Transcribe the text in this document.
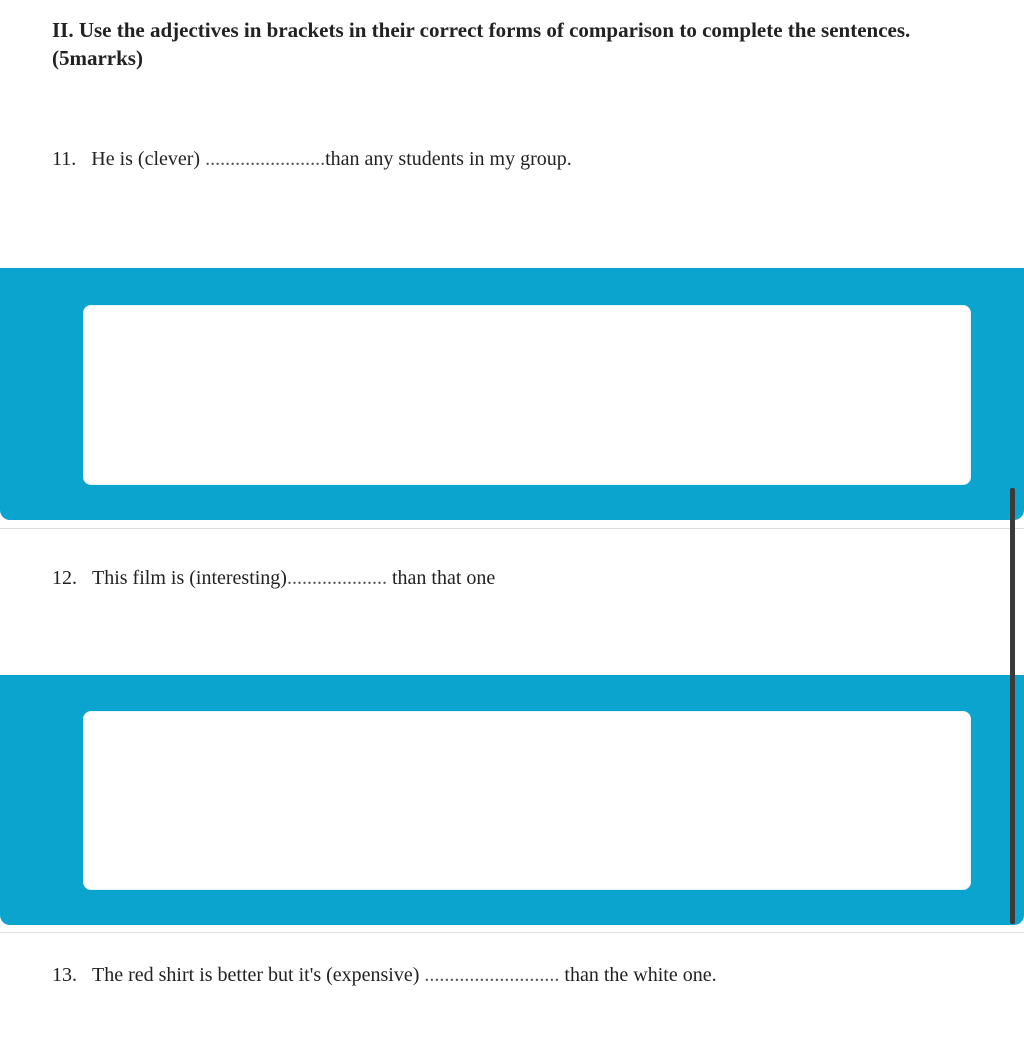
II. Use the adjectives in brackets in their correct forms of comparison to complete the sentences. (5marrks)
11. He is (clever) ........................than any students in my group.
12. This film is (interesting).................... than that one
13. The red shirt is better but it's (expensive) ........................... than the white one.
